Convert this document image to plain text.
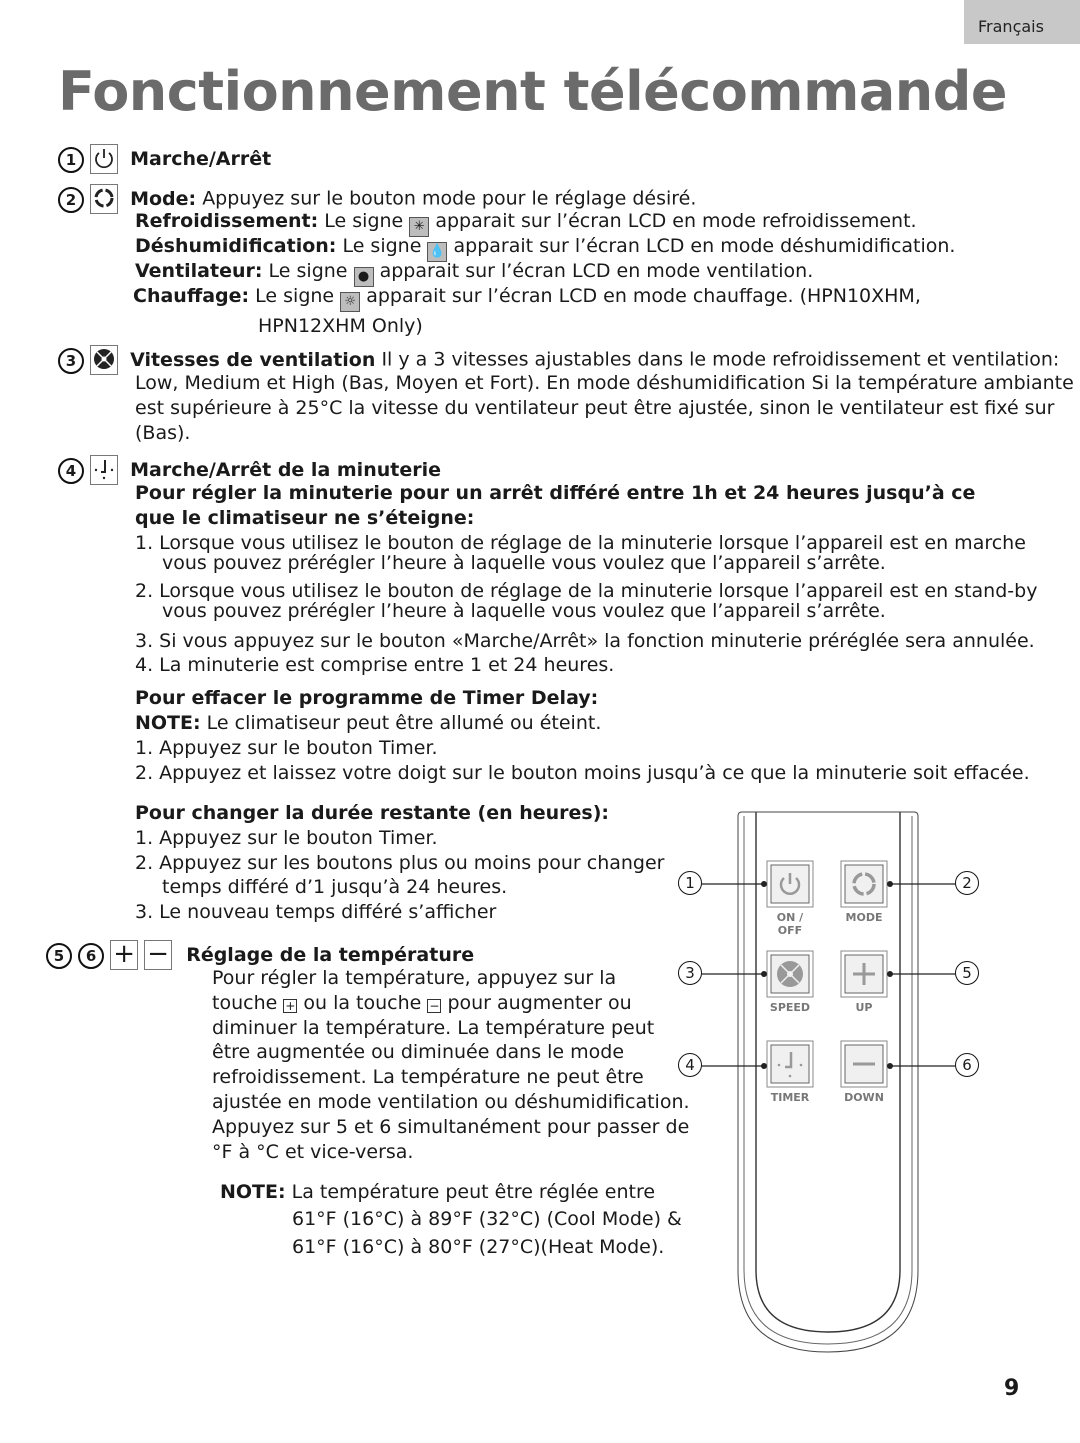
Français
Fonctionnement télécommande
1	Marche/Arrêt
2	Mode: Appuyez sur le bouton mode pour le réglage désiré.
Refroidissement: Le signe ✳ apparait sur l’écran LCD en mode refroidissement.
Déshumidification: Le signe 💧 apparait sur l’écran LCD en mode déshumidification.
Ventilateur: Le signe ● apparait sur l’écran LCD en mode ventilation.
Chauffage: Le signe ☼ apparait sur l’écran LCD en mode chauffage. (HPN10XHM,
HPN12XHM Only)
3	Vitesses de ventilation Il y a 3 vitesses ajustables dans le mode refroidissement et ventilation:
Low, Medium et High (Bas, Moyen et Fort). En mode déshumidification Si la température ambiante
est supérieure à 25°C la vitesse du ventilateur peut être ajustée, sinon le ventilateur est fixé sur
(Bas).
4	Marche/Arrêt de la minuterie
Pour régler la minuterie pour un arrêt différé entre 1h et 24 heures jusqu’à ce
que le climatiseur ne s’éteigne:
1. Lorsque vous utilisez le bouton de réglage de la minuterie lorsque l’appareil est en marche
vous pouvez prérégler l’heure à laquelle vous voulez que l’appareil s’arrête.
2. Lorsque vous utilisez le bouton de réglage de la minuterie lorsque l’appareil est en stand-by
vous pouvez prérégler l’heure à laquelle vous voulez que l’appareil s’arrête.
3. Si vous appuyez sur le bouton «Marche/Arrêt» la fonction minuterie préréglée sera annulée.
4. La minuterie est comprise entre 1 et 24 heures.
Pour effacer le programme de Timer Delay:
NOTE: Le climatiseur peut être allumé ou éteint.
1. Appuyez sur le bouton Timer.
2. Appuyez et laissez votre doigt sur le bouton moins jusqu’à ce que la minuterie soit effacée.
Pour changer la durée restante (en heures):
1. Appuyez sur le bouton Timer.
2. Appuyez sur les boutons plus ou moins pour changer
temps différé d’1 jusqu’à 24 heures.
3. Le nouveau temps différé s’afficher
5 6 + − Réglage de la température
Pour régler la température, appuyez sur la
touche + ou la touche − pour augmenter ou
diminuer la température. La température peut
être augmentée ou diminuée dans le mode
refroidissement. La température ne peut être
ajustée en mode ventilation ou déshumidification.
Appuyez sur 5 et 6 simultanément pour passer de
°F à °C et vice-versa.
NOTE: La température peut être réglée entre
61°F (16°C) à 89°F (32°C) (Cool Mode) &
61°F (16°C) à 80°F (27°C)(Heat Mode).
ON / OFF
MODE
SPEED	UP
TIMER	DOWN
1	2
3	5
4	6
9
